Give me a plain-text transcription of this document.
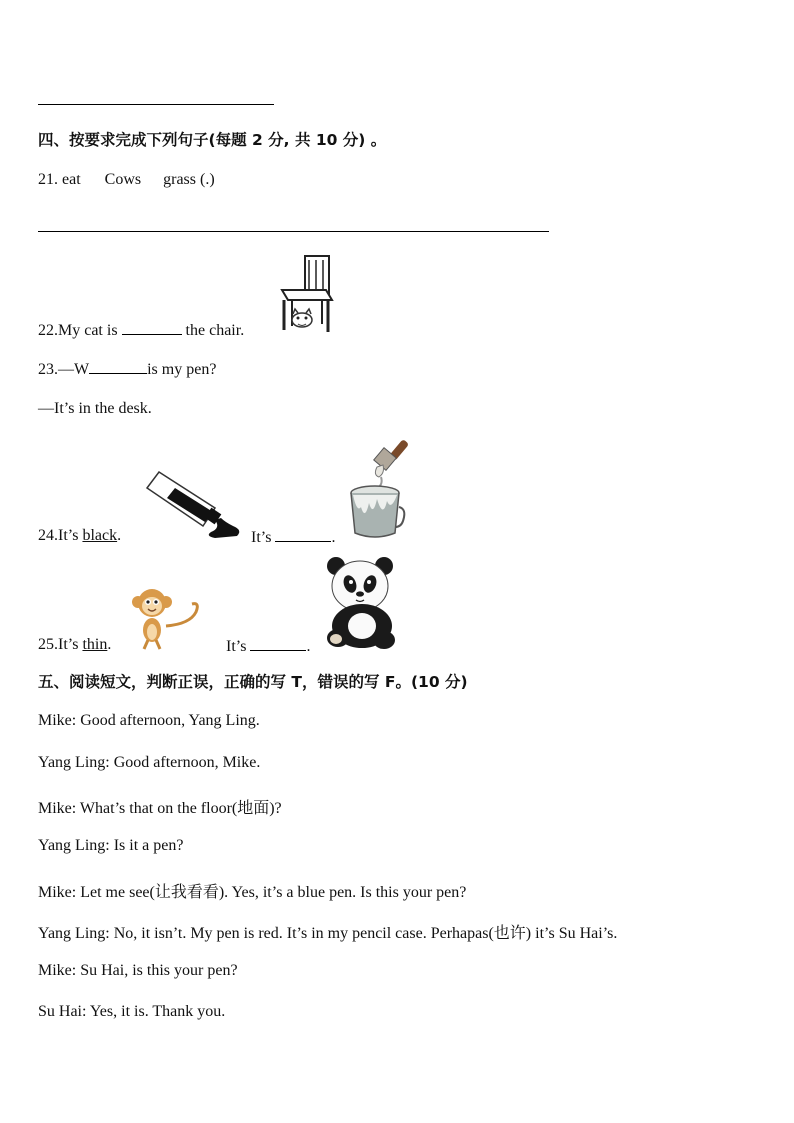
四、按要求完成下列句子(每题 2 分, 共 10 分) 。
21. eat Cows grass (.)
22.My cat is	the chair.
23.—W	is my pen?
—It’s in the desk.
24.It’s black.	It’s	.
25.It’s thin.	It’s	.
五、阅读短文，判断正误，正确的写 T，错误的写 F。(10 分)
Mike: Good afternoon, Yang Ling.
Yang Ling: Good afternoon, Mike.
Mike: What’s that on the floor(地面)?
Yang Ling: Is it a pen?
Mike: Let me see(让我看看). Yes, it’s a blue pen. Is this your pen?
Yang Ling: No, it isn’t. My pen is red. It’s in my pencil case. Perhapas(也许) it’s Su Hai’s.
Mike: Su Hai, is this your pen?
Su Hai: Yes, it is. Thank you.
